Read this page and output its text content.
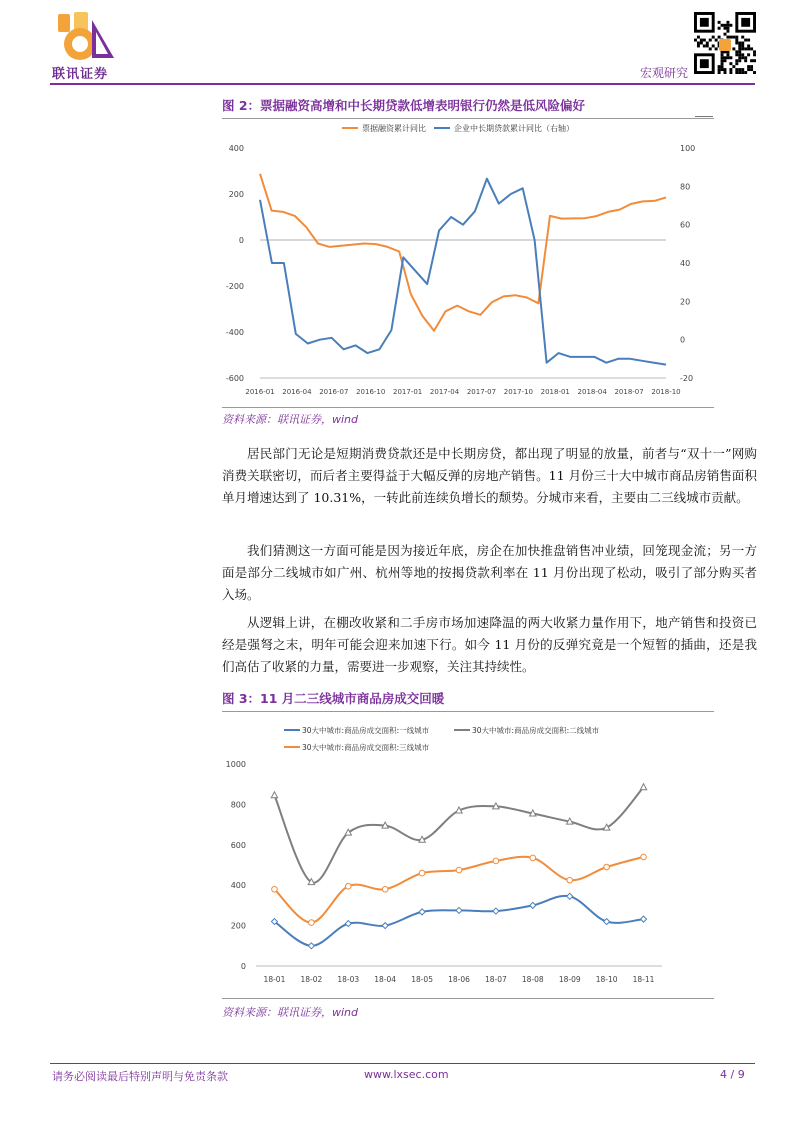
联讯证券	宏观研究
图 2：票据融资高增和中长期贷款低增表明银行仍然是低风险偏好
票据融资累计同比	企业中长期贷款累计同比（右轴）
400
200
0
-200
-400
-600
100
80
60
40
20
0
-20
2016-01 2016-04 2016-07 2016-10 2017-01 2017-04 2017-07 2017-10 2018-01 2018-04 2018-07 2018-10
资料来源：联讯证券，wind

居民部门无论是短期消费贷款还是中长期房贷，都出现了明显的放量，前者与“双十一”网购消费关联密切，而后者主要得益于大幅反弹的房地产销售。11 月份三十大中城市商品房销售面积单月增速达到了 10.31%，一转此前连续负增长的颓势。分城市来看，主要由二三线城市贡献。

我们猜测这一方面可能是因为接近年底，房企在加快推盘销售冲业绩，回笼现金流；另一方面是部分二线城市如广州、杭州等地的按揭贷款利率在 11 月份出现了松动，吸引了部分购买者入场。

从逻辑上讲，在棚改收紧和二手房市场加速降温的两大收紧力量作用下，地产销售和投资已经是强弩之末，明年可能会迎来加速下行。如今 11 月份的反弹究竟是一个短暂的插曲，还是我们高估了收紧的力量，需要进一步观察，关注其持续性。

图 3：11 月二三线城市商品房成交回暖
30大中城市:商品房成交面积:一线城市	30大中城市:商品房成交面积:二线城市
30大中城市:商品房成交面积:三线城市
1000
800
600
400
200
0
18-01 18-02 18-03 18-04 18-05 18-06 18-07 18-08 18-09 18-10 18-11
资料来源：联讯证券，wind
请务必阅读最后特别声明与免责条款	www.lxsec.com	4 / 9
